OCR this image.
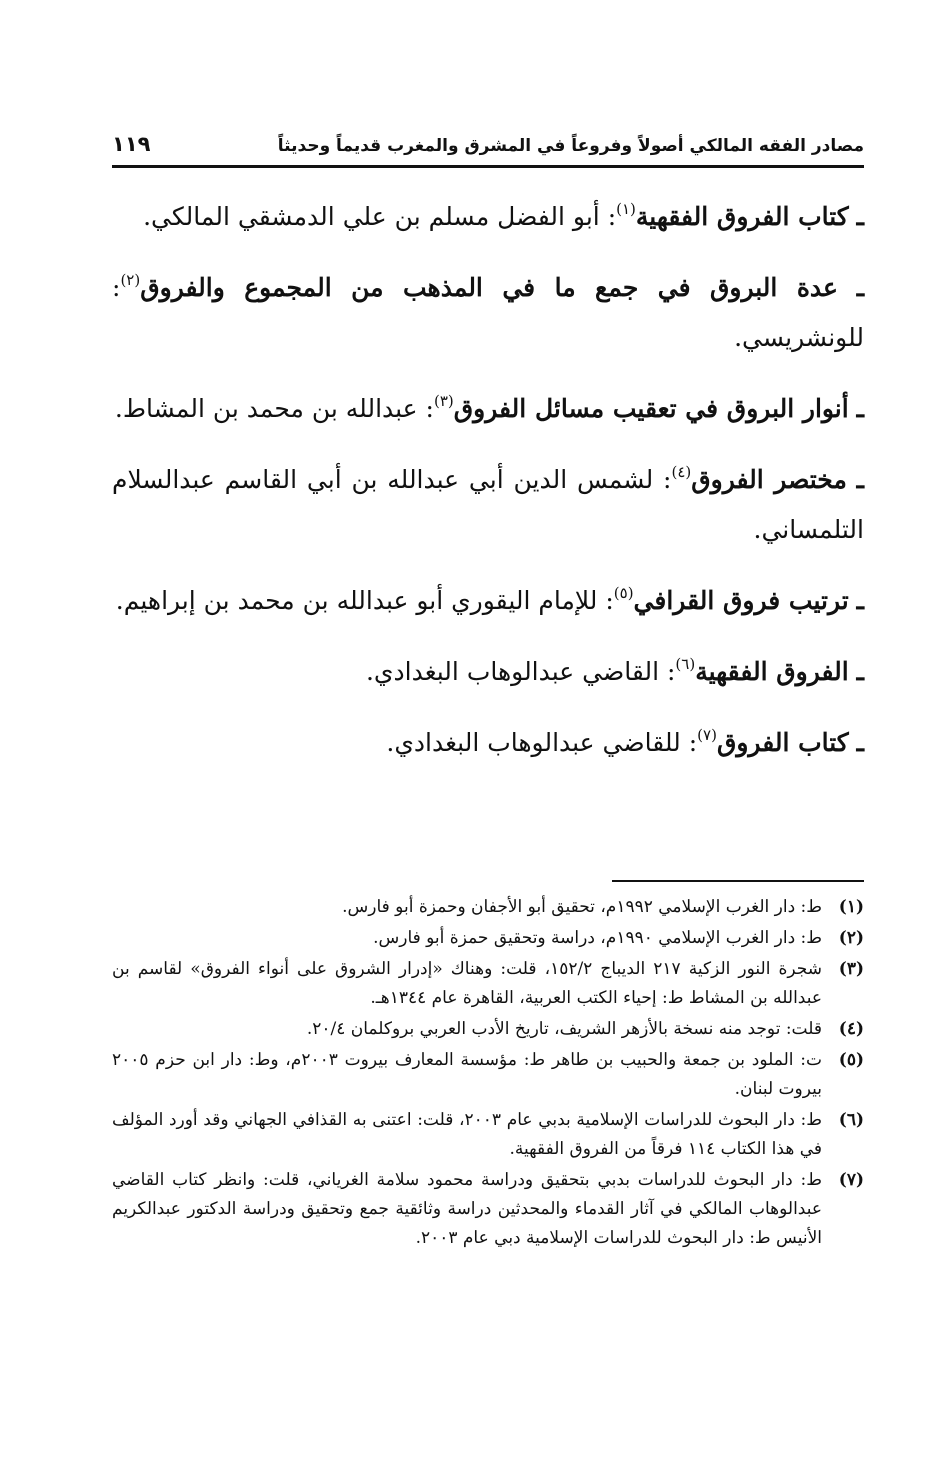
مصادر الفقه المالكي أصولاً وفروعاً في المشرق والمغرب قديماً وحديثاً
١١٩

ـ كتاب الفروق الفقهية$^{(١)}$: أبو الفضل مسلم بن علي الدمشقي المالكي.

ـ عدة البروق في جمع ما في المذهب من المجموع والفروق$^{(٢)}$: للونشريسي.

ـ أنوار البروق في تعقيب مسائل الفروق$^{(٣)}$: عبدالله بن محمد بن المشاط.

ـ مختصر الفروق$^{(٤)}$: لشمس الدين أبي عبدالله بن أبي القاسم عبدالسلام التلمساني.

ـ ترتيب فروق القرافي$^{(٥)}$: للإمام اليقوري أبو عبدالله بن محمد بن إبراهيم.

ـ الفروق الفقهية$^{(٦)}$: القاضي عبدالوهاب البغدادي.

ـ كتاب الفروق$^{(٧)}$: للقاضي عبدالوهاب البغدادي.

(١)
ط: دار الغرب الإسلامي ١٩٩٢م، تحقيق أبو الأجفان وحمزة أبو فارس.
(٢)
ط: دار الغرب الإسلامي ١٩٩٠م، دراسة وتحقيق حمزة أبو فارس.
(٣)
شجرة النور الزكية ٢١٧ الديباج ١٥٢/٢، قلت: وهناك «إدرار الشروق على أنواء الفروق» لقاسم بن عبدالله بن المشاط ط: إحياء الكتب العربية، القاهرة عام ١٣٤٤هـ.
(٤)
قلت: توجد منه نسخة بالأزهر الشريف، تاريخ الأدب العربي بروكلمان ٢٠/٤.
(٥)
ت: الملود بن جمعة والحبيب بن طاهر ط: مؤسسة المعارف بيروت ٢٠٠٣م، وط: دار ابن حزم ٢٠٠٥ بيروت لبنان.
(٦)
ط: دار البحوث للدراسات الإسلامية بدبي عام ٢٠٠٣، قلت: اعتنى به القذافي الجهاني وقد أورد المؤلف في هذا الكتاب ١١٤ فرقاً من الفروق الفقهية.
(٧)
ط: دار البحوث للدراسات بدبي بتحقيق ودراسة محمود سلامة الغرياني، قلت: وانظر كتاب القاضي عبدالوهاب المالكي في آثار القدماء والمحدثين دراسة وثائقية جمع وتحقيق ودراسة الدكتور عبدالكريم الأنيس ط: دار البحوث للدراسات الإسلامية دبي عام ٢٠٠٣.
